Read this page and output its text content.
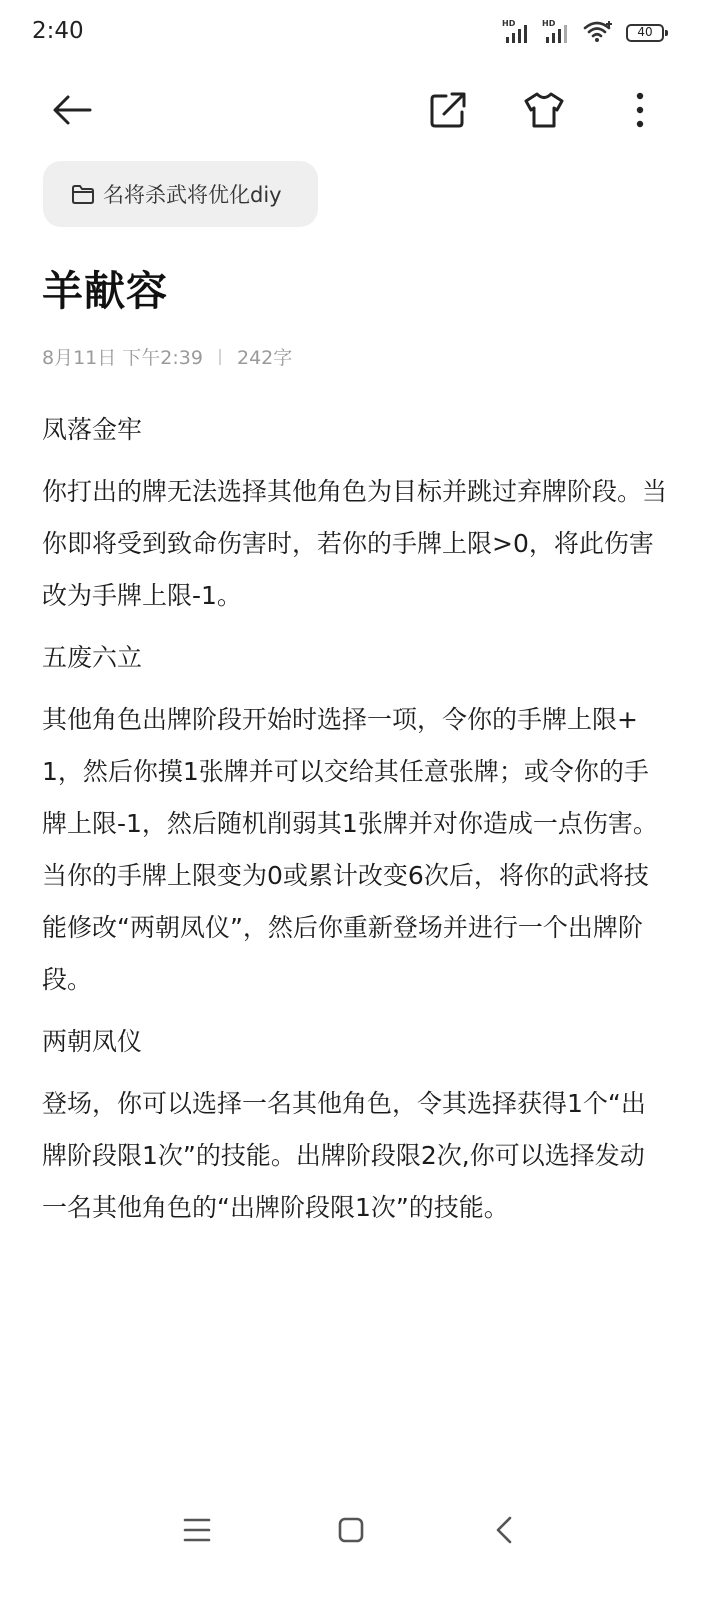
2:40	HD	HD
40
名将杀武将优化diy
羊献容
8月11日 下午2:39 242字

凤落金牢

你打出的牌无法选择其他角色为目标并跳过弃牌阶段。当你即将受到致命伤害时，若你的手牌上限>0，将此伤害改为手牌上限-1。

五废六立

其他角色出牌阶段开始时选择一项，令你的手牌上限+1，然后你摸1张牌并可以交给其任意张牌；或令你的手牌上限-1，然后随机削弱其1张牌并对你造成一点伤害。当你的手牌上限变为0或累计改变6次后，将你的武将技能修改“两朝凤仪”，然后你重新登场并进行一个出牌阶段。

两朝凤仪

登场，你可以选择一名其他角色，令其选择获得1个“出牌阶段限1次”的技能。出牌阶段限2次,你可以选择发动一名其他角色的“出牌阶段限1次”的技能。
